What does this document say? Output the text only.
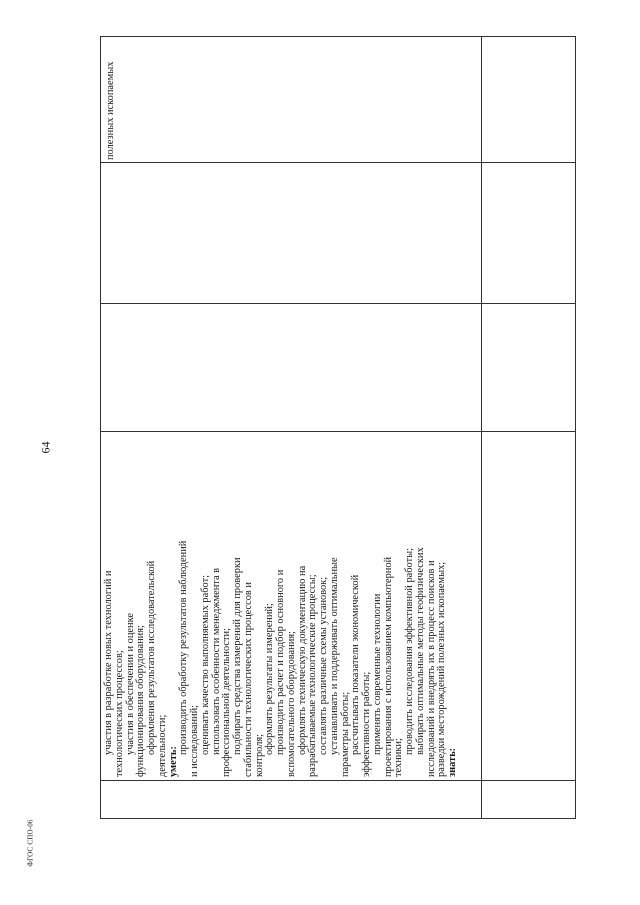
64

участия в разработке новых технологий и технологических процессов; участия в обеспечении и оценке функционирования оборудования; оформления результатов исследовательской деятельности; уметь:

производить обработку результатов наблюдений и исследований; оценивать качество выполняемых работ; использовать особенности менеджмента в профессиональной деятельности; подбирать средства измерений для проверки стабильности технологических процессов и контроля;

оформлять результаты измерений; производить расчет и подбор основного и вспомогательного оборудования; оформлять техническую документацию на разрабатываемые технологические процессы; составлять различные схемы установок; устанавливать и поддерживать оптимальные параметры работы; рассчитывать показатели экономической эффективности работы; применять современные технологии проектирования с использованием компьютерной техники;

проводить исследования эффективной работы; выбирать оптимальные методы геофизических исследований и внедрять их в процесс поисков и разведки месторождений полезных ископаемых; знать:

полезных ископаемых
ФГОС СПО-06
